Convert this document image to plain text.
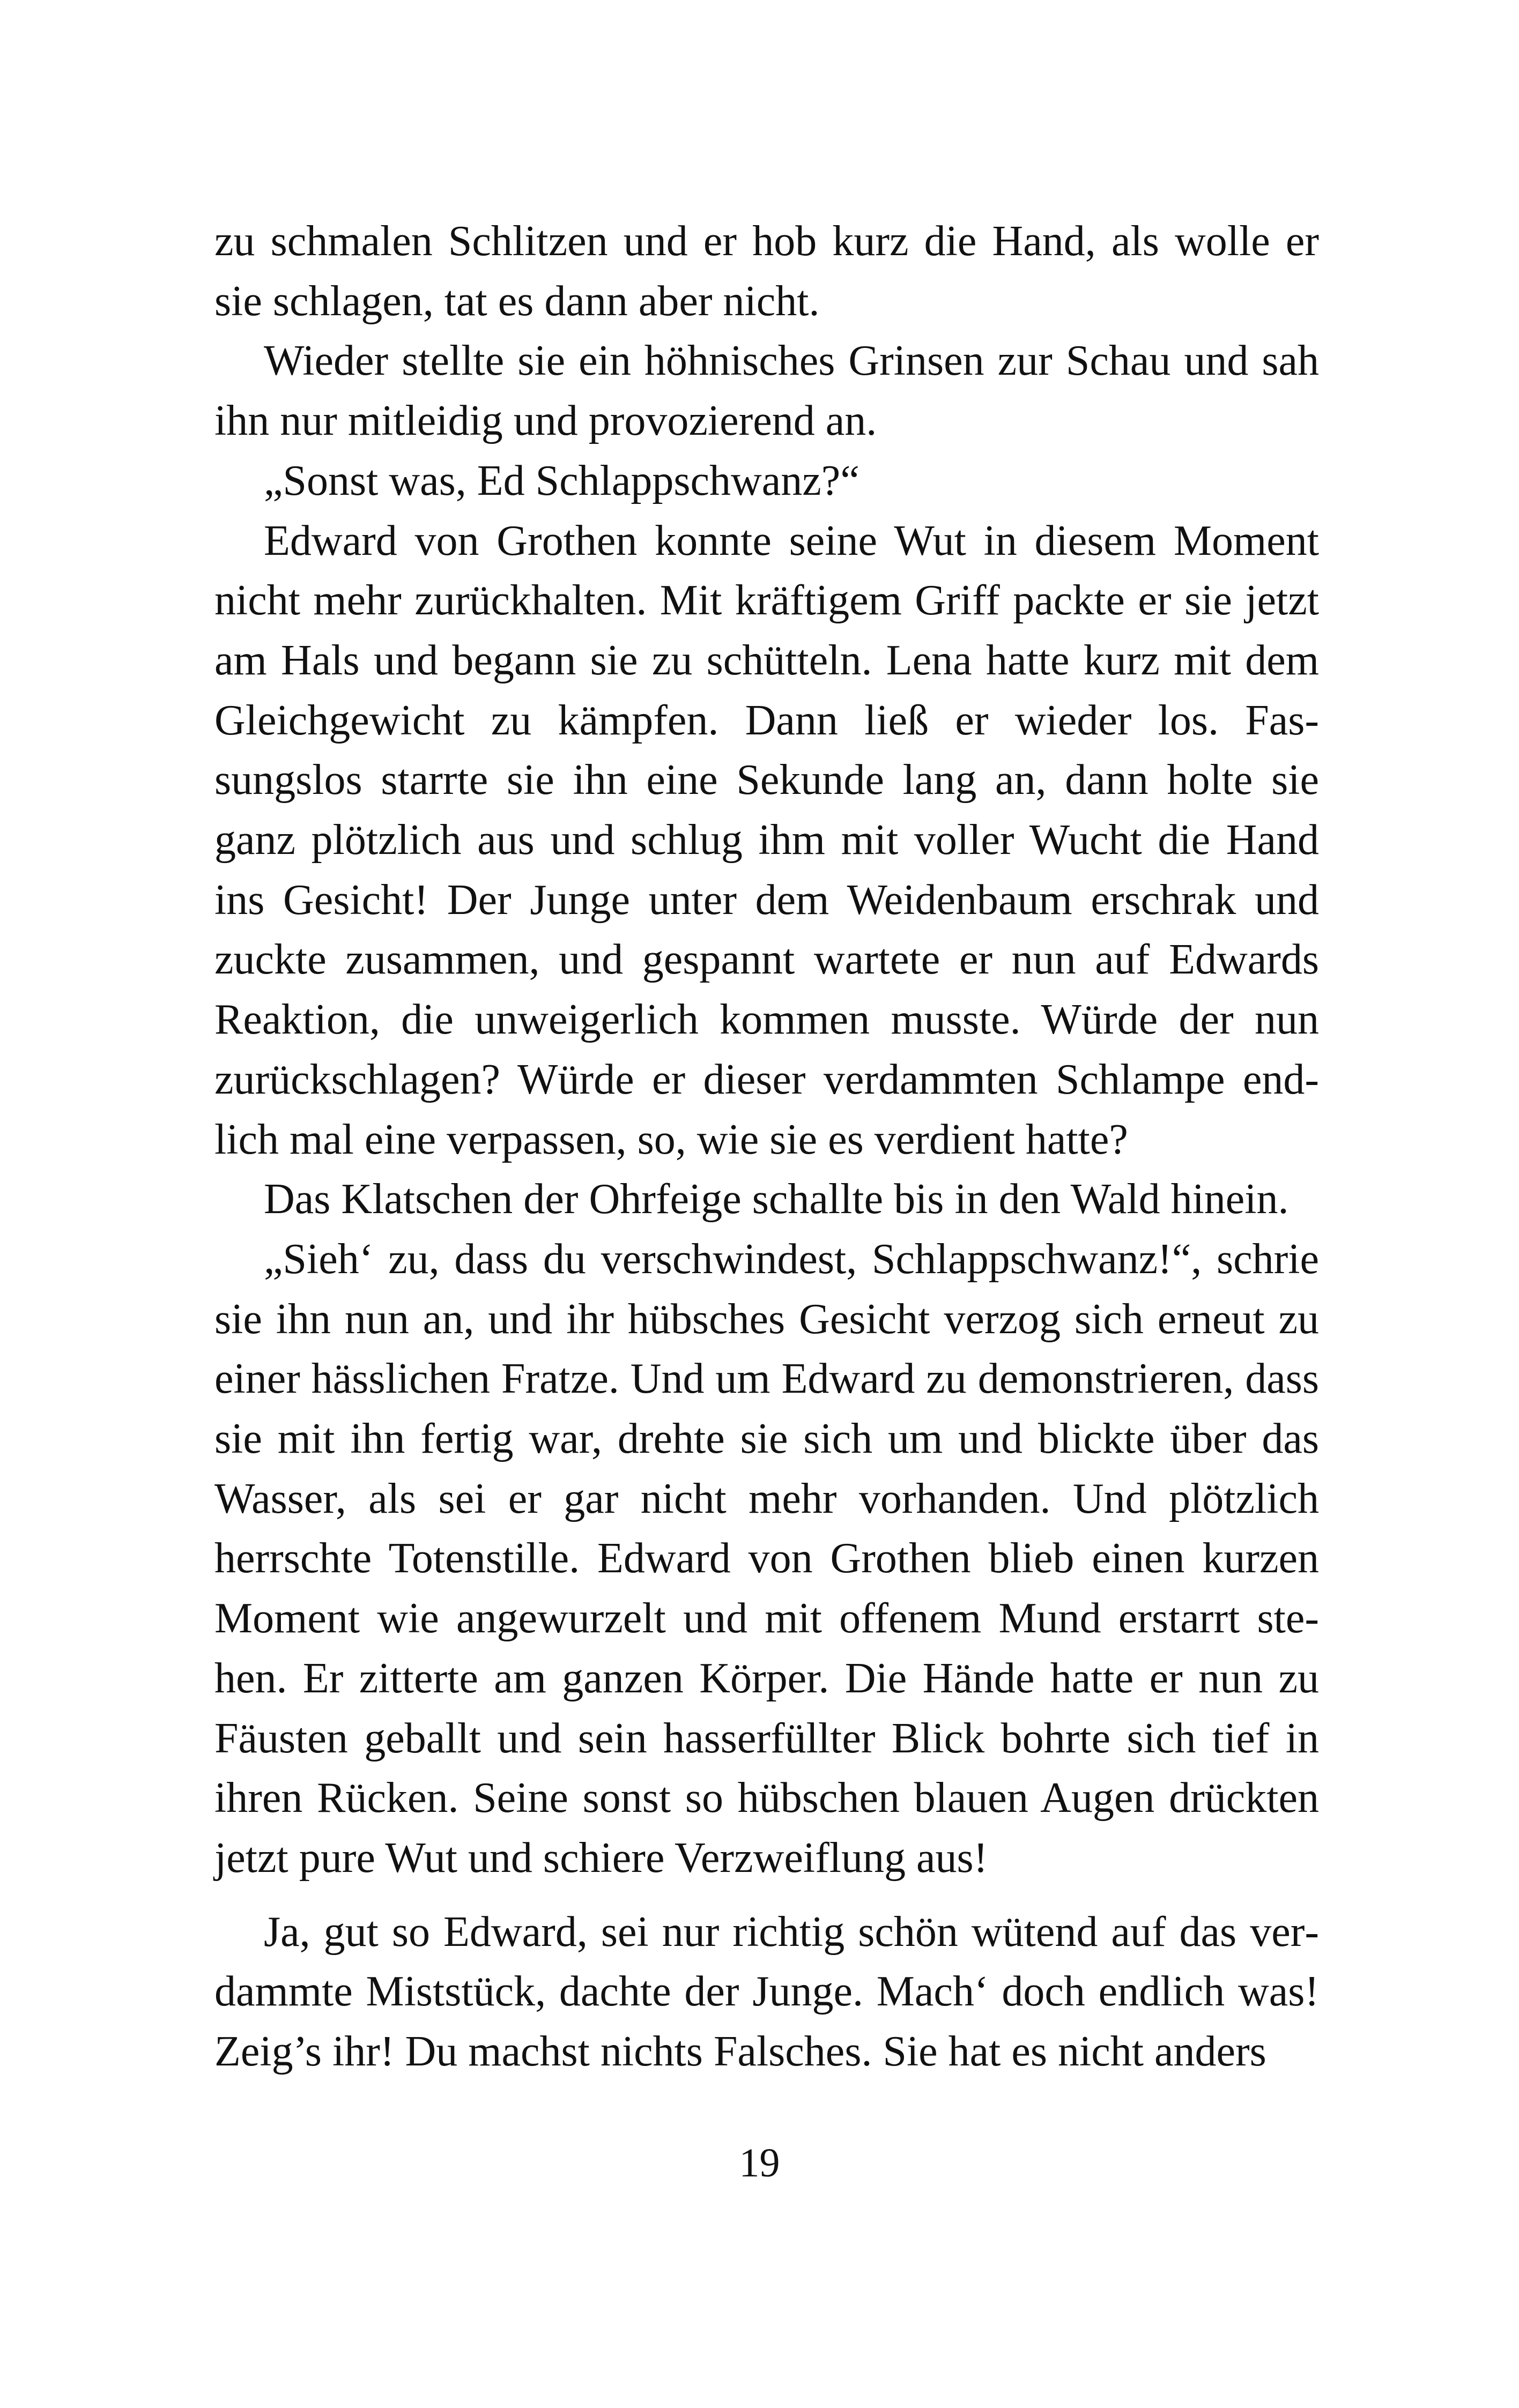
zu schmalen Schlitzen und er hob kurz die Hand, als wolle er sie schlagen, tat es dann aber nicht.

Wieder stellte sie ein höhnisches Grinsen zur Schau und sah ihn nur mitleidig und provozierend an.

„Sonst was, Ed Schlappschwanz?“

Edward von Grothen konnte seine Wut in diesem Moment nicht mehr zurückhalten. Mit kräftigem Griff packte er sie jetzt am Hals und begann sie zu schütteln. Lena hatte kurz mit dem Gleichgewicht zu kämpfen. Dann ließ er wieder los. Fassungslos starrte sie ihn eine Sekunde lang an, dann holte sie ganz plötzlich aus und schlug ihm mit voller Wucht die Hand ins Gesicht! Der Junge unter dem Weidenbaum erschrak und zuckte zusammen, und gespannt wartete er nun auf Edwards Reaktion, die unweigerlich kommen musste. Würde der nun zurückschlagen? Würde er dieser verdammten Schlampe endlich mal eine verpassen, so, wie sie es verdient hatte?

Das Klatschen der Ohrfeige schallte bis in den Wald hinein.

„Sieh‘ zu, dass du verschwindest, Schlappschwanz!“, schrie sie ihn nun an, und ihr hübsches Gesicht verzog sich erneut zu einer hässlichen Fratze. Und um Edward zu demonstrieren, dass sie mit ihn fertig war, drehte sie sich um und blickte über das Wasser, als sei er gar nicht mehr vorhanden. Und plötzlich herrschte Totenstille. Edward von Grothen blieb einen kurzen Moment wie angewurzelt und mit offenem Mund erstarrt stehen. Er zitterte am ganzen Körper. Die Hände hatte er nun zu Fäusten geballt und sein hasserfüllter Blick bohrte sich tief in ihren Rücken. Seine sonst so hübschen blauen Augen drückten jetzt pure Wut und schiere Verzweiflung aus!

Ja, gut so Edward, sei nur richtig schön wütend auf das verdammte Miststück, dachte der Junge. Mach‘ doch endlich was! Zeig’s ihr! Du machst nichts Falsches. Sie hat es nicht anders

19
